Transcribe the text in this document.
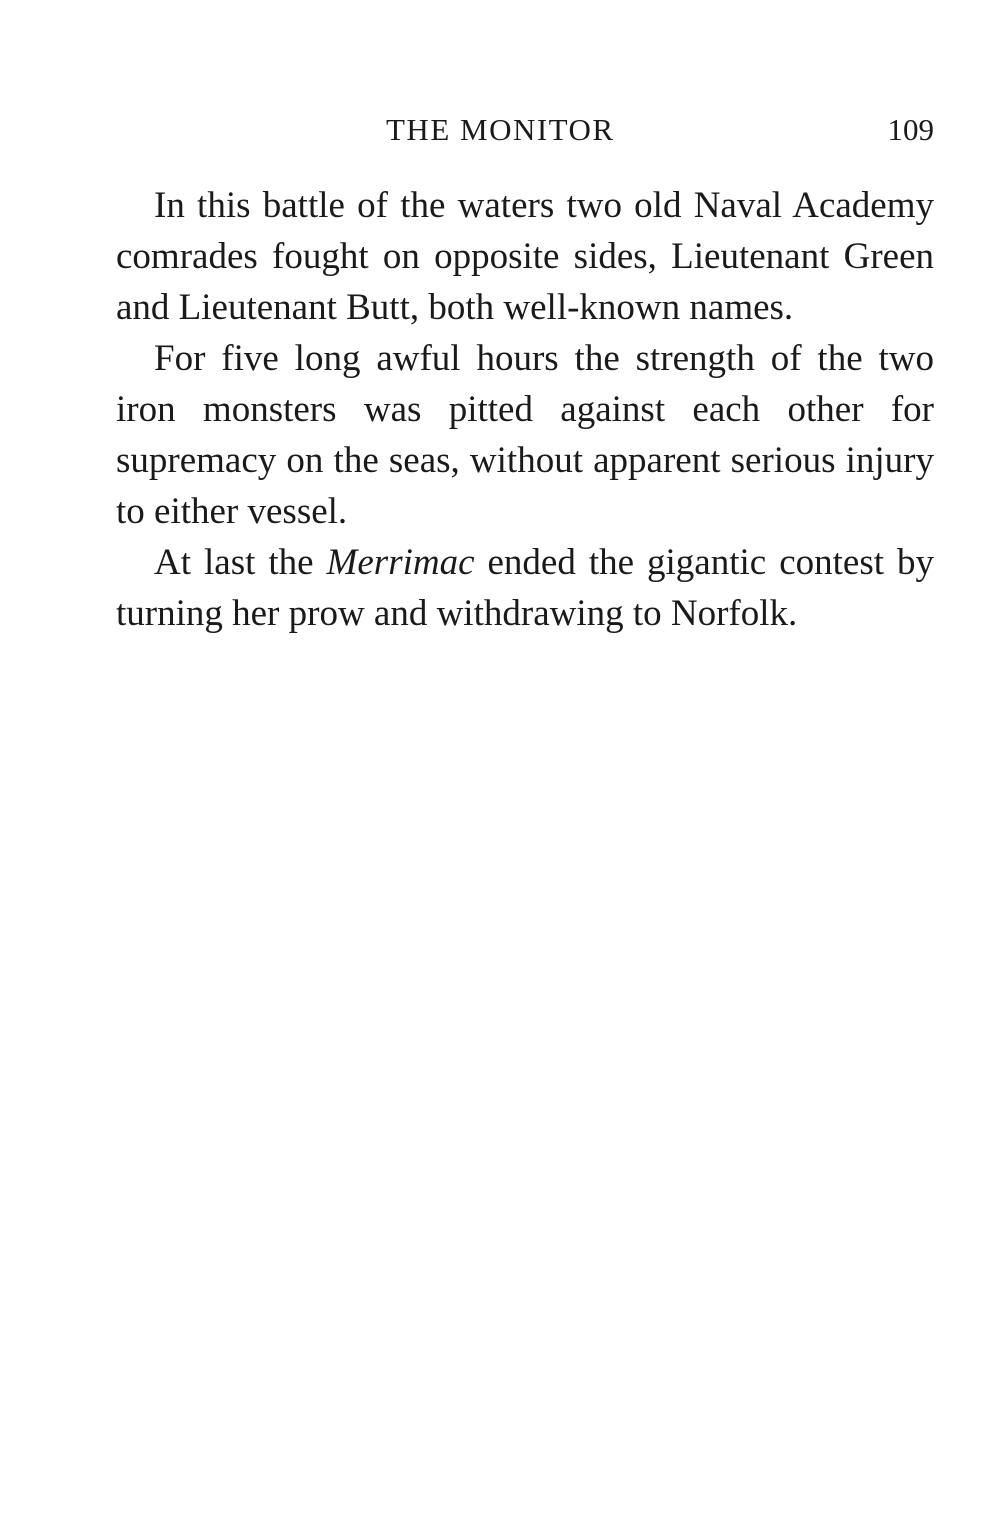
THE MONITOR	109

In this battle of the waters two old Naval Academy comrades fought on opposite sides, Lieutenant Green and Lieutenant Butt, both well-known names.

For five long awful hours the strength of the two iron monsters was pitted against each other for supremacy on the seas, without apparent serious injury to either vessel.

At last the Merrimac ended the gigantic contest by turning her prow and withdrawing to Norfolk.
